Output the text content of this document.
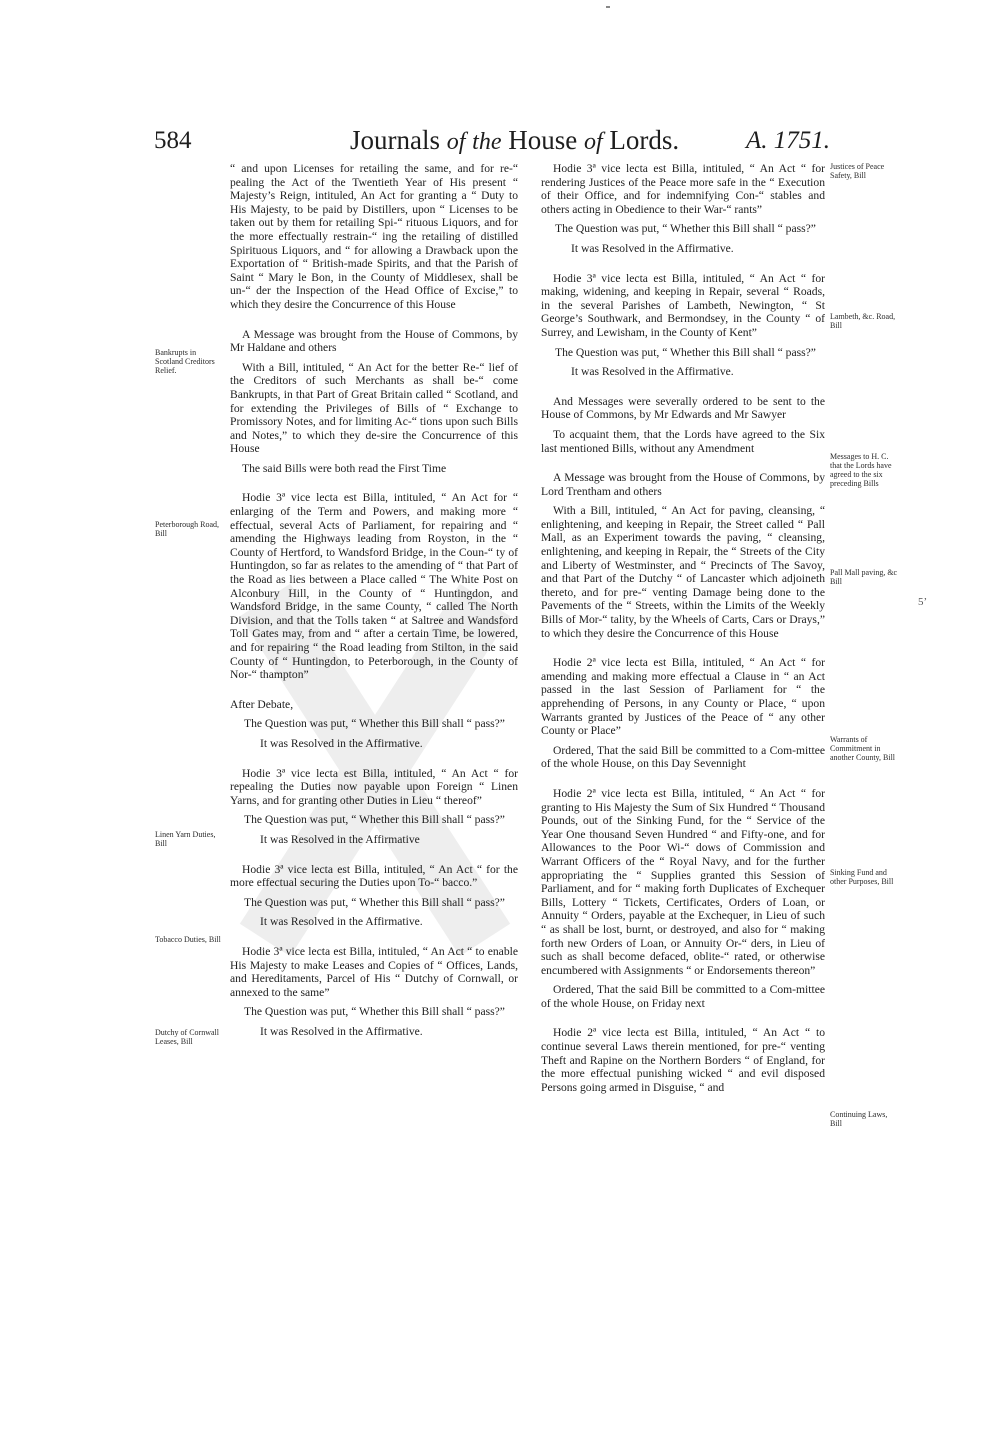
584	Journals of the House of Lords.	A. 1751.

“ and upon Licenses for retailing the same, and for re-“ pealing the Act of the Twentieth Year of His present “ Majesty’s Reign, intituled, An Act for granting a “ Duty to His Majesty, to be paid by Distillers, upon “ Licenses to be taken out by them for retailing Spi-“ rituous Liquors, and for the more effectually restrain-“ ing the retailing of distilled Spirituous Liquors, and “ for allowing a Drawback upon the Exportation of “ British-made Spirits, and that the Parish of Saint “ Mary le Bon, in the County of Middlesex, shall be un-“ der the Inspection of the Head Office of Excise,” to which they desire the Concurrence of this House

A Message was brought from the House of Commons, by Mr Haldane and others

With a Bill, intituled, “ An Act for the better Re-“ lief of the Creditors of such Merchants as shall be-“ come Bankrupts, in that Part of Great Britain called “ Scotland, and for extending the Privileges of Bills of “ Exchange to Promissory Notes, and for limiting Ac-“ tions upon such Bills and Notes,” to which they de-sire the Concurrence of this House

The said Bills were both read the First Time

Hodie 3ª vice lecta est Billa, intituled, “ An Act for “ enlarging of the Term and Powers, and making more “ effectual, several Acts of Parliament, for repairing and “ amending the Highways leading from Royston, in the “ County of Hertford, to Wandsford Bridge, in the Coun-“ ty of Huntingdon, so far as relates to the amending of “ that Part of the Road as lies between a Place called “ The White Post on Alconbury Hill, in the County of “ Huntingdon, and Wandsford Bridge, in the same County, “ called The North Division, and that the Tolls taken “ at Saltree and Wandsford Toll Gates may, from and “ after a certain Time, be lowered, and for repairing “ the Road leading from Stilton, in the said County of “ Huntingdon, to Peterborough, in the County of Nor-“ thampton”

After Debate,

The Question was put, “ Whether this Bill shall “ pass?”

It was Resolved in the Affirmative.

Hodie 3ª vice lecta est Billa, intituled, “ An Act “ for repealing the Duties now payable upon Foreign “ Linen Yarns, and for granting other Duties in Lieu “ thereof”

The Question was put, “ Whether this Bill shall “ pass?”

It was Resolved in the Affirmative

Hodie 3ª vice lecta est Billa, intituled, “ An Act “ for the more effectual securing the Duties upon To-“ bacco.”

The Question was put, “ Whether this Bill shall “ pass?”

It was Resolved in the Affirmative.

Hodie 3ª vice lecta est Billa, intituled, “ An Act “ to enable His Majesty to make Leases and Copies of “ Offices, Lands, and Hereditaments, Parcel of His “ Dutchy of Cornwall, or annexed to the same”

The Question was put, “ Whether this Bill shall “ pass?”

It was Resolved in the Affirmative.

Hodie 3ª vice lecta est Billa, intituled, “ An Act “ for rendering Justices of the Peace more safe in the “ Execution of their Office, and for indemnifying Con-“ stables and others acting in Obedience to their War-“ rants”

The Question was put, “ Whether this Bill shall “ pass?”

It was Resolved in the Affirmative.

Hodie 3ª vice lecta est Billa, intituled, “ An Act “ for making, widening, and keeping in Repair, several “ Roads, in the several Parishes of Lambeth, Newington, “ St George’s Southwark, and Bermondsey, in the County “ of Surrey, and Lewisham, in the County of Kent”

The Question was put, “ Whether this Bill shall “ pass?”

It was Resolved in the Affirmative.

And Messages were severally ordered to be sent to the House of Commons, by Mr Edwards and Mr Sawyer

To acquaint them, that the Lords have agreed to the Six last mentioned Bills, without any Amendment

A Message was brought from the House of Commons, by Lord Trentham and others

With a Bill, intituled, “ An Act for paving, cleansing, “ enlightening, and keeping in Repair, the Street called “ Pall Mall, as an Experiment towards the paving, “ cleansing, enlightening, and keeping in Repair, the “ Streets of the City and Liberty of Westminster, and “ Precincts of The Savoy, and that Part of the Dutchy “ of Lancaster which adjoineth thereto, and for pre-“ venting Damage being done to the Pavements of the “ Streets, within the Limits of the Weekly Bills of Mor-“ tality, by the Wheels of Carts, Cars or Drays,” to which they desire the Concurrence of this House

Hodie 2ª vice lecta est Billa, intituled, “ An Act “ for amending and making more effectual a Clause in “ an Act passed in the last Session of Parliament for “ the apprehending of Persons, in any County or Place, “ upon Warrants granted by Justices of the Peace of “ any other County or Place”

Ordered, That the said Bill be committed to a Com-mittee of the whole House, on this Day Sevennight

Hodie 2ª vice lecta est Billa, intituled, “ An Act “ for granting to His Majesty the Sum of Six Hundred “ Thousand Pounds, out of the Sinking Fund, for the “ Service of the Year One thousand Seven Hundred “ and Fifty-one, and for Allowances to the Poor Wi-“ dows of Commission and Warrant Officers of the “ Royal Navy, and for the further appropriating the “ Supplies granted this Session of Parliament, and for “ making forth Duplicates of Exchequer Bills, Lottery “ Tickets, Certificates, Orders of Loan, or Annuity “ Orders, payable at the Exchequer, in Lieu of such “ as shall be lost, burnt, or destroyed, and also for “ making forth new Orders of Loan, or Annuity Or-“ ders, in Lieu of such as shall become defaced, oblite-“ rated, or otherwise encumbered with Assignments “ or Endorsements thereon”

Ordered, That the said Bill be committed to a Com-mittee of the whole House, on Friday next

Hodie 2ª vice lecta est Billa, intituled, “ An Act “ to continue several Laws therein mentioned, for pre-“ venting Theft and Rapine on the Northern Borders “ of England, for the more effectual punishing wicked “ and evil disposed Persons going armed in Disguise, “ and

Bankrupts in Scotland Creditors Relief.
Peterborough Road, Bill
Linen Yarn Duties, Bill
Tobacco Duties, Bill
Dutchy of Cornwall Leases, Bill
Justices of Peace Safety, Bill
Lambeth, &c. Road, Bill
Messages to H. C. that the Lords have agreed to the six preceding Bills
Pall Mall paving, &c Bill
Warrants of Commitment in another County, Bill
Sinking Fund and other Purposes, Bill
Continuing Laws, Bill
5’
